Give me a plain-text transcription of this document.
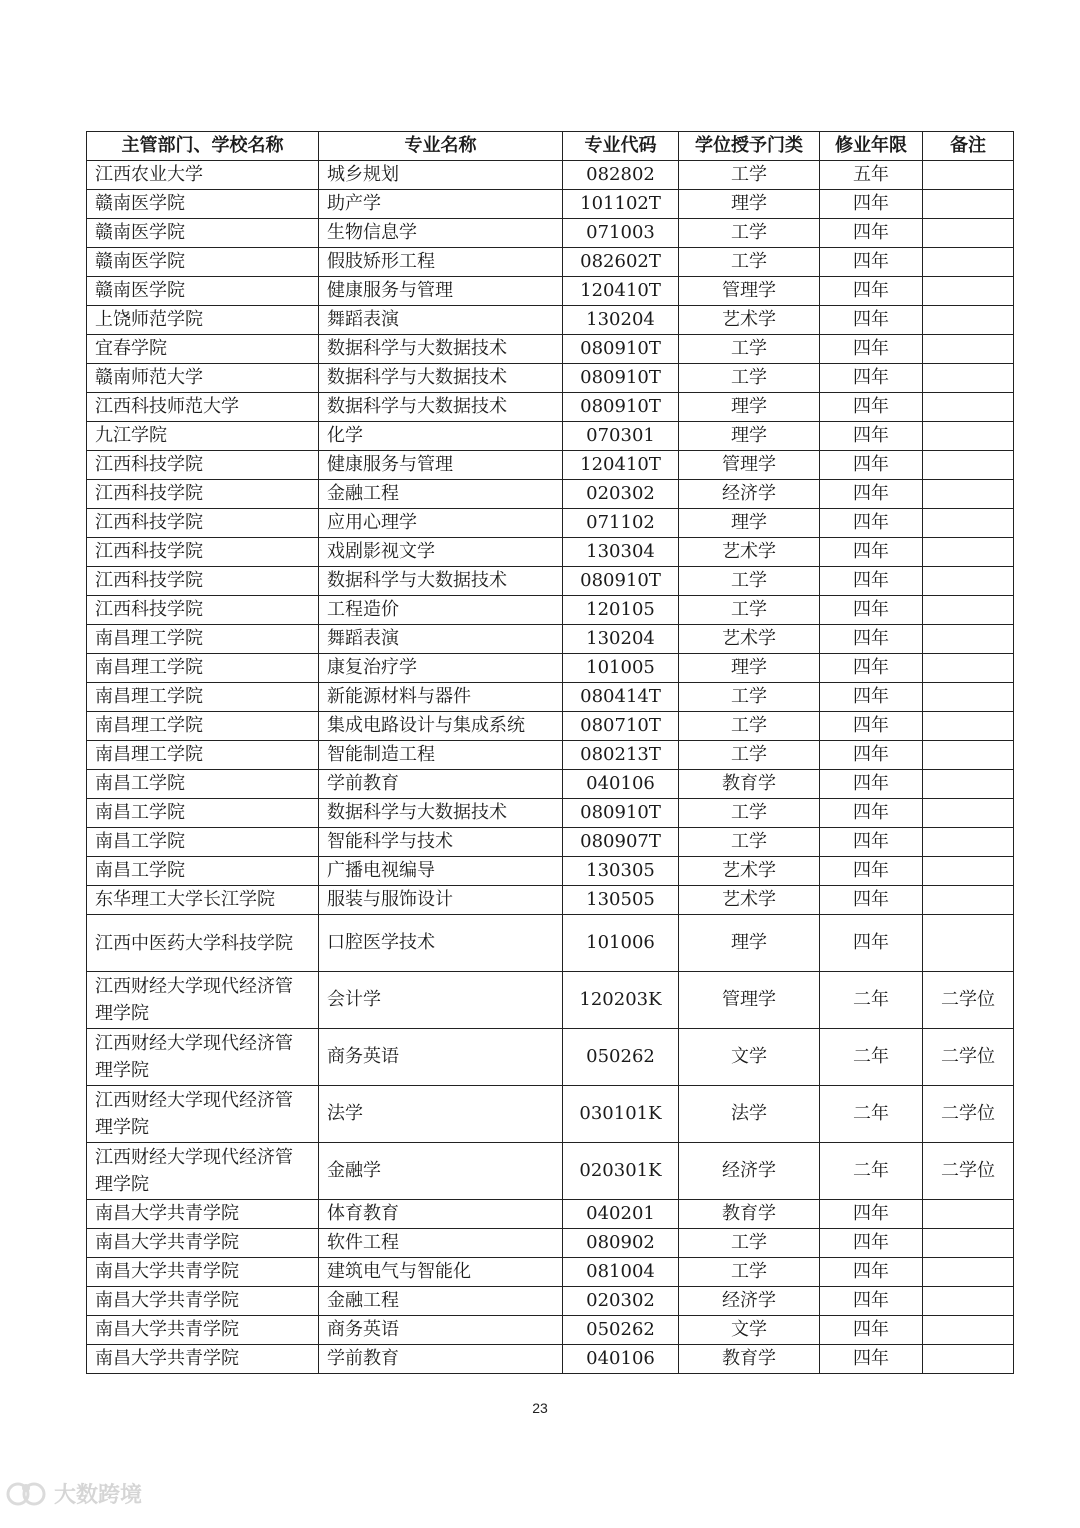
主管部门、学校名称	专业名称	专业代码	学位授予门类	修业年限	备注
江西农业大学	城乡规划	082802	工学	五年	
赣南医学院	助产学	101102T	理学	四年	
赣南医学院	生物信息学	071003	工学	四年	
赣南医学院	假肢矫形工程	082602T	工学	四年	
赣南医学院	健康服务与管理	120410T	管理学	四年	
上饶师范学院	舞蹈表演	130204	艺术学	四年	
宜春学院	数据科学与大数据技术	080910T	工学	四年	
赣南师范大学	数据科学与大数据技术	080910T	工学	四年	
江西科技师范大学	数据科学与大数据技术	080910T	理学	四年	
九江学院	化学	070301	理学	四年	
江西科技学院	健康服务与管理	120410T	管理学	四年	
江西科技学院	金融工程	020302	经济学	四年	
江西科技学院	应用心理学	071102	理学	四年	
江西科技学院	戏剧影视文学	130304	艺术学	四年	
江西科技学院	数据科学与大数据技术	080910T	工学	四年	
江西科技学院	工程造价	120105	工学	四年	
南昌理工学院	舞蹈表演	130204	艺术学	四年	
南昌理工学院	康复治疗学	101005	理学	四年	
南昌理工学院	新能源材料与器件	080414T	工学	四年	
南昌理工学院	集成电路设计与集成系统	080710T	工学	四年	
南昌理工学院	智能制造工程	080213T	工学	四年	
南昌工学院	学前教育	040106	教育学	四年	
南昌工学院	数据科学与大数据技术	080910T	工学	四年	
南昌工学院	智能科学与技术	080907T	工学	四年	
南昌工学院	广播电视编导	130305	艺术学	四年	
东华理工大学长江学院	服装与服饰设计	130505	艺术学	四年	
江西中医药大学科技学院	口腔医学技术	101006	理学	四年	
江西财经大学现代经济管理学院	会计学	120203K	管理学	二年	二学位
江西财经大学现代经济管理学院	商务英语	050262	文学	二年	二学位
江西财经大学现代经济管理学院	法学	030101K	法学	二年	二学位
江西财经大学现代经济管理学院	金融学	020301K	经济学	二年	二学位
南昌大学共青学院	体育教育	040201	教育学	四年	
南昌大学共青学院	软件工程	080902	工学	四年	
南昌大学共青学院	建筑电气与智能化	081004	工学	四年	
南昌大学共青学院	金融工程	020302	经济学	四年	
南昌大学共青学院	商务英语	050262	文学	四年	
南昌大学共青学院	学前教育	040106	教育学	四年	
23
大数跨境
